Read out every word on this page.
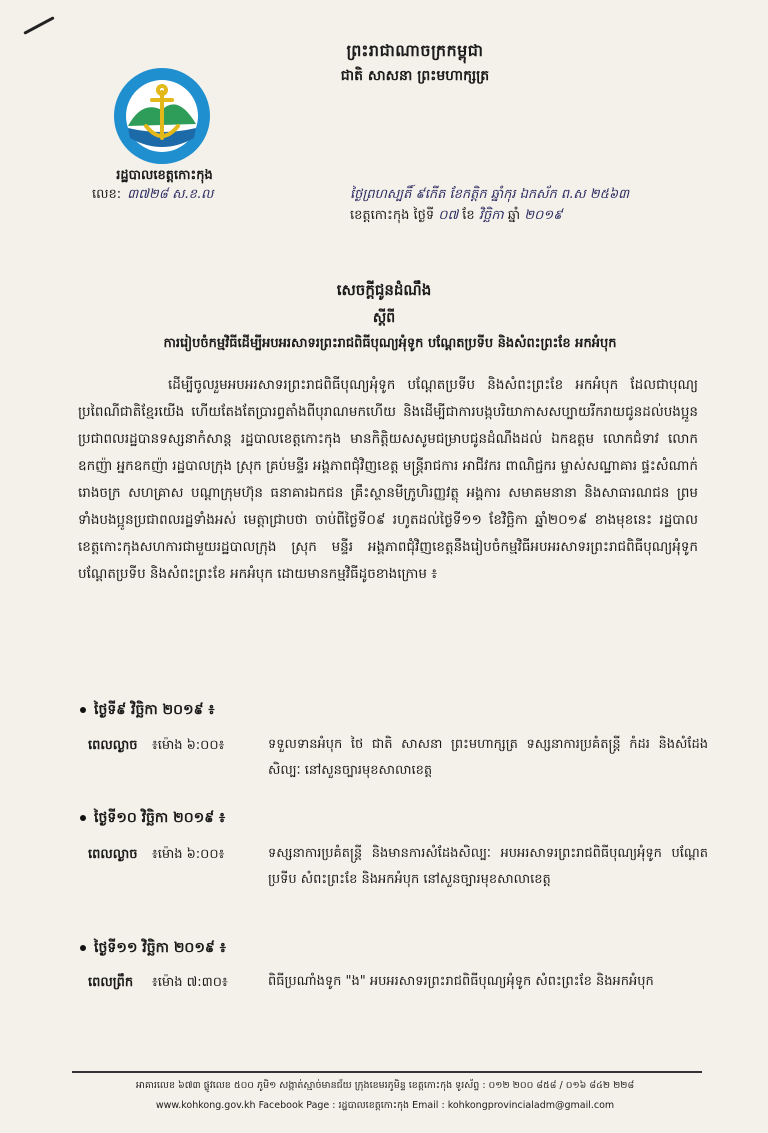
ព្រះរាជាណាចក្រកម្ពុជា
ជាតិ សាសនា ព្រះមហាក្សត្រ
រដ្ឋបាលខេត្តកោះកុង
លេខ: ៣៧២៨ ស.ខ.ល	ថ្ងៃព្រហស្បតិ៍ ៩កើត ខែកត្តិក ឆ្នាំកុរ ឯកស័ក ព.ស ២៥៦៣
ខេត្តកោះកុង ថ្ងៃទី ០៧ ខែ វិច្ឆិកា ឆ្នាំ ២០១៩
សេចក្តីជូនដំណឹង
ស្តីពី
ការរៀបចំកម្មវិធីដើម្បីអបអរសាទរព្រះរាជពិធីបុណ្យអុំទូក បណ្តែតប្រទីប និងសំពះព្រះខែ អកអំបុក
ដើម្បីចូលរួមអបអរសាទរព្រះរាជពិធីបុណ្យអុំទូក បណ្តែតប្រទីប និងសំពះព្រះខែ អកអំបុក ដែលជាបុណ្យប្រពៃណីជាតិខ្មែរយើង ហើយតែងតែប្រារព្ធតាំងពីបុរាណមកហើយ និងដើម្បីជាការបង្កបរិយាកាសសប្បាយរីករាយជូនដល់បងប្អូនប្រជាពលរដ្ឋបានទស្សនាកំសាន្ត រដ្ឋបាលខេត្តកោះកុង មានកិត្តិយសសូមជម្រាបជូនដំណឹងដល់ ឯកឧត្តម លោកជំទាវ លោកឧកញ៉ា អ្នកឧកញ៉ា រដ្ឋបាលក្រុង ស្រុក គ្រប់មន្ទីរ អង្គភាពជុំវិញខេត្ត មន្ត្រីរាជការ អាជីវករ ពាណិជ្ជករ ម្ចាស់សណ្ឋាគារ ផ្ទះសំណាក់ រោងចក្រ សហគ្រាស បណ្តាក្រុមហ៊ុន ធនាគារឯកជន គ្រឹះស្ថានមីក្រូហិរញ្ញវត្ថុ អង្គការ សមាគមនានា និងសាធារណជន ព្រមទាំងបងប្អូនប្រជាពលរដ្ឋទាំងអស់ មេត្តាជ្រាបថា ចាប់ពីថ្ងៃទី០៩ រហូតដល់ថ្ងៃទី១១ ខែវិច្ឆិកា ឆ្នាំ២០១៩ ខាងមុខនេះ រដ្ឋបាលខេត្តកោះកុងសហការជាមួយរដ្ឋបាលក្រុង ស្រុក មន្ទីរ អង្គភាពជុំវិញខេត្តនឹងរៀបចំកម្មវិធីអបអរសាទរព្រះរាជពិធីបុណ្យអុំទូក បណ្តែតប្រទីប និងសំពះព្រះខែ អកអំបុក ដោយមានកម្មវិធីដូចខាងក្រោម ៖
ថ្ងៃទី៩ វិច្ឆិកា ២០១៩ ៖
ពេលល្ងាច ៖ម៉ោង ៦:០០៖	ទទួលទានអំបុក ថៃ ជាតិ សាសនា ព្រះមហាក្សត្រ ទស្សនាការប្រគំតន្ត្រី កំដរ និងសំដែងសិល្បៈ នៅសួនច្បារមុខសាលាខេត្ត
ថ្ងៃទី១០ វិច្ឆិកា ២០១៩ ៖
ពេលល្ងាច ៖ម៉ោង ៦:០០៖	ទស្សនាការប្រគំតន្ត្រី និងមានការសំដែងសិល្បៈ អបអរសាទរព្រះរាជពិធីបុណ្យអុំទូក បណ្តែតប្រទីប សំពះព្រះខែ និងអកអំបុក នៅសួនច្បារមុខសាលាខេត្ត
ថ្ងៃទី១១ វិច្ឆិកា ២០១៩ ៖
ពេលព្រឹក ៖ម៉ោង ៧:៣០៖	ពិធីប្រណាំងទូក "ង" អបអរសាទរព្រះរាជពិធីបុណ្យអុំទូក សំពះព្រះខែ និងអកអំបុក
អាគារលេខ ៦៧៣ ផ្លូវលេខ ៥០០ ភូមិ១ សង្កាត់ស្មាច់មានជ័យ ក្រុងខេមរភូមិន្ទ ខេត្តកោះកុង ទូរស័ព្ទ : ០១២ ២០០ ៨៥៨ / ០១៦ ៨៤២ ២២៨
www.kohkong.gov.kh Facebook Page : រដ្ឋបាលខេត្តកោះកុង Email : kohkongprovincialadm@gmail.com
